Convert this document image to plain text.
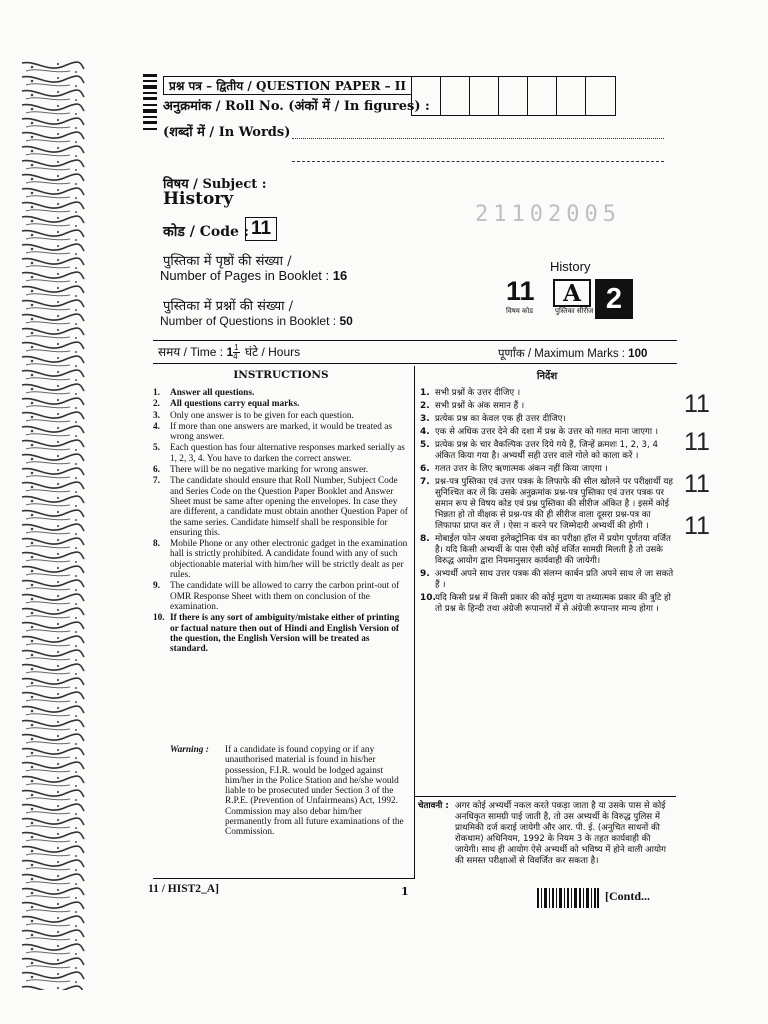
प्रश्न पत्र – द्वितीय / QUESTION PAPER – II
अनुक्रमांक / Roll No. (अंकों में / In figures) :
(शब्दों में / In Words)
विषय / Subject :
History
कोड / Code : 11
21102005
पुस्तिका में पृष्ठों की संख्या /
Number of Pages in Booklet : 16
पुस्तिका में प्रश्नों की संख्या /
Number of Questions in Booklet : 50
History
11	A 2
विषय कोड	पुस्तिका सीरीज
समय / Time : $1 \frac{1}{4}$ घंटे / Hours	पूर्णांक / Maximum Marks : 100
INSTRUCTIONS	निर्देश
1.	Answer all questions.
2.	All questions carry equal marks.
3.	Only one answer is to be given for each question.
4.	If more than one answers are marked, it would be treated as wrong answer.
5.	Each question has four alternative responses marked serially as 1, 2, 3, 4. You have to darken the correct answer.
6.	There will be no negative marking for wrong answer.
7.	The candidate should ensure that Roll Number, Subject Code and Series Code on the Question Paper Booklet and Answer Sheet must be same after opening the envelopes. In case they are different, a candidate must obtain another Question Paper of the same series. Candidate himself shall be responsible for ensuring this.
8.	Mobile Phone or any other electronic gadget in the examination hall is strictly prohibited. A candidate found with any of such objectionable material with him/her will be strictly dealt as per rules.
9.	The candidate will be allowed to carry the carbon print-out of OMR Response Sheet with them on conclusion of the examination.
10. If there is any sort of ambiguity/mistake either of printing or factual nature then out of Hindi and English Version of the question, the English Version will be treated as standard.
Warning :	If a candidate is found copying or if any unauthorised material is found in his/her possession, F.I.R. would be lodged against him/her in the Police Station and he/she would liable to be prosecuted under Section 3 of the R.P.E. (Prevention of Unfairmeans) Act, 1992. Commission may also debar him/her permanently from all future examinations of the Commission.
1. सभी प्रश्नों के उत्तर दीजिए ।
2. सभी प्रश्नों के अंक समान हैं ।
3. प्रत्येक प्रश्न का केवल एक ही उत्तर दीजिए।
4. एक से अधिक उत्तर देने की दशा में प्रश्न के उत्तर को गलत माना जाएगा ।
5. प्रत्येक प्रश्न के चार वैकल्पिक उत्तर दिये गये हैं, जिन्हें क्रमशः 1, 2, 3, 4 अंकित किया गया है। अभ्यर्थी सही उत्तर वाले गोले को काला करें ।
6. गलत उत्तर के लिए ऋणात्मक अंकन नहीं किया जाएगा ।
7. प्रश्न-पत्र पुस्तिका एवं उत्तर पत्रक के लिफाफे की सील खोलने पर परीक्षार्थी यह सुनिश्चित कर लें कि उसके अनुक्रमांक प्रश्न-पत्र पुस्तिका एवं उत्तर पत्रक पर समान रूप से विषय कोड एवं प्रश्न पुस्तिका की सीरीज अंकित है । इसमें कोई भिन्नता हो तो वीक्षक से प्रश्न-पत्र की ही सीरीज वाला दूसरा प्रश्न-पत्र का लिफाफा प्राप्त कर लें । ऐसा न करने पर जिम्मेदारी अभ्यर्थी की होगी ।
8. मोबाईल फोन अथवा इलेक्ट्रोनिक यंत्र का परीक्षा हॉल में प्रयोग पूर्णतया वर्जित है। यदि किसी अभ्यर्थी के पास ऐसी कोई वर्जित सामग्री मिलती है तो उसके विरुद्ध आयोग द्वारा नियमानुसार कार्यवाही की जायेगी।
9. अभ्यर्थी अपने साथ उत्तर पत्रक की संलग्न कार्बन प्रति अपने साथ ले जा सकते हैं ।
10. यदि किसी प्रश्न में किसी प्रकार की कोई मुद्रण या तथ्यात्मक प्रकार की त्रुटि हो तो प्रश्न के हिन्दी तथा अंग्रेजी रूपान्तरों में से अंग्रेजी रूपान्तर मान्य होगा ।
चेतावनी : अगर कोई अभ्यर्थी नकल करते पकड़ा जाता है या उसके पास से कोई अनधिकृत सामग्री पाई जाती है, तो उस अभ्यर्थी के विरुद्ध पुलिस में प्राथमिकी दर्ज कराई जायेगी और आर. पी. ई. (अनुचित साधनों की रोकथाम) अधिनियम, 1992 के नियम 3 के तहत कार्यवाही की जायेगी। साथ ही आयोग ऐसे अभ्यर्थी को भविष्य में होने वाली आयोग की समस्त परीक्षाओं से विवर्जित कर सकता है।
11
11
11
11
11 / HIST2_A]	1	[Contd...
